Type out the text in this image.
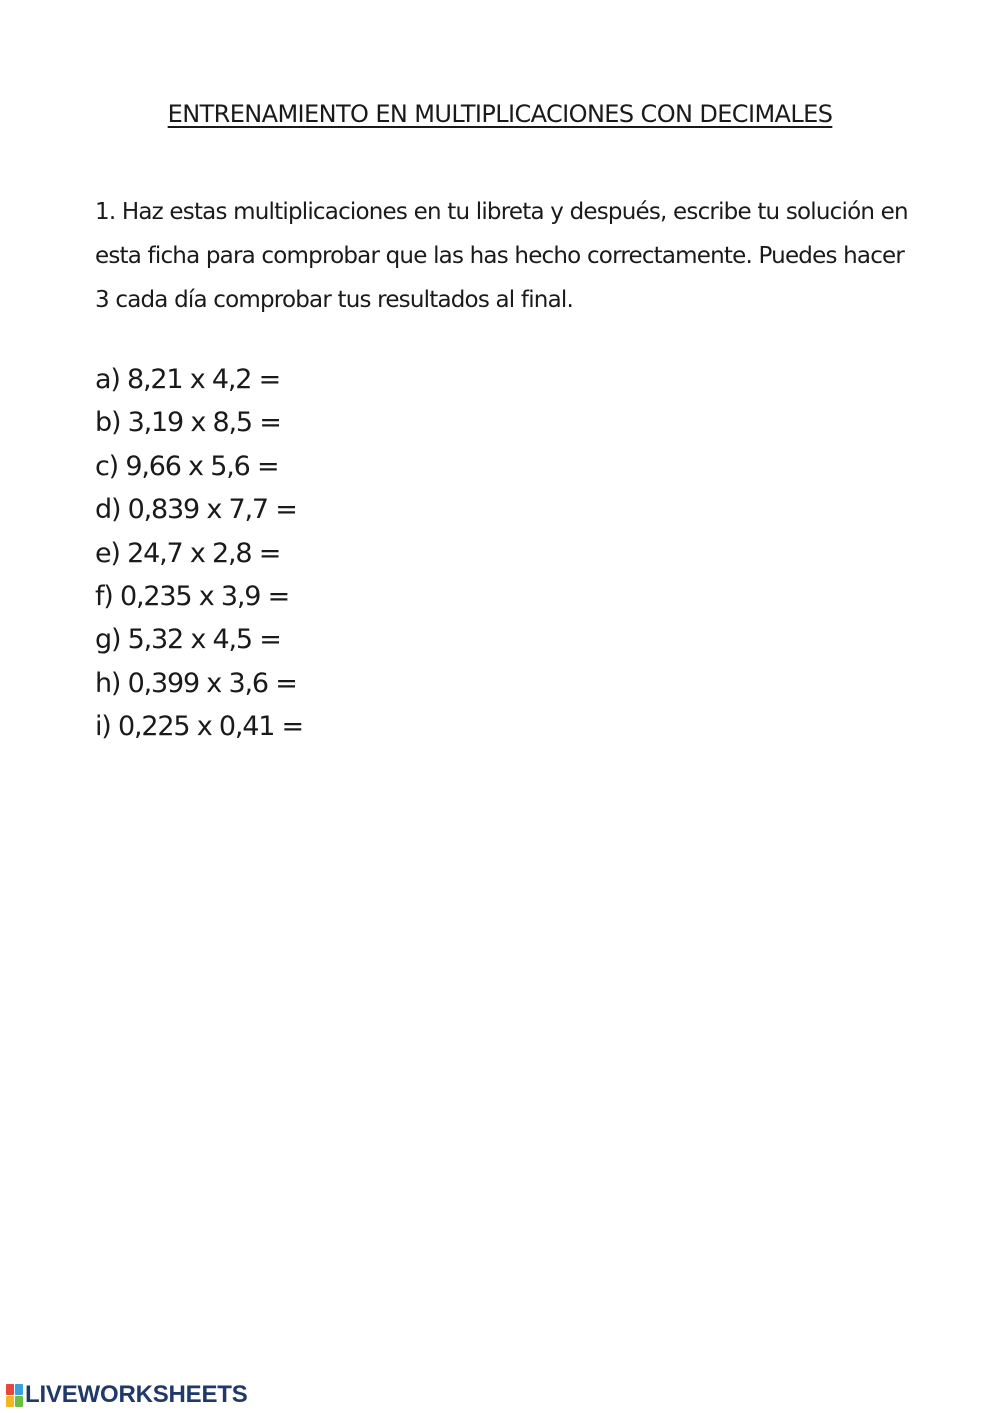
ENTRENAMIENTO EN MULTIPLICACIONES CON DECIMALES

1. Haz estas multiplicaciones en tu libreta y después, escribe tu solución en esta ficha para comprobar que las has hecho correctamente. Puedes hacer 3 cada día comprobar tus resultados al final.

a) 8,21 x 4,2 =
b) 3,19 x 8,5 =
c) 9,66 x 5,6 =
d) 0,839 x 7,7 =
e) 24,7 x 2,8 =
f) 0,235 x 3,9 =
g) 5,32 x 4,5 =
h) 0,399 x 3,6 =
i) 0,225 x 0,41 =
LIVEWORKSHEETS
